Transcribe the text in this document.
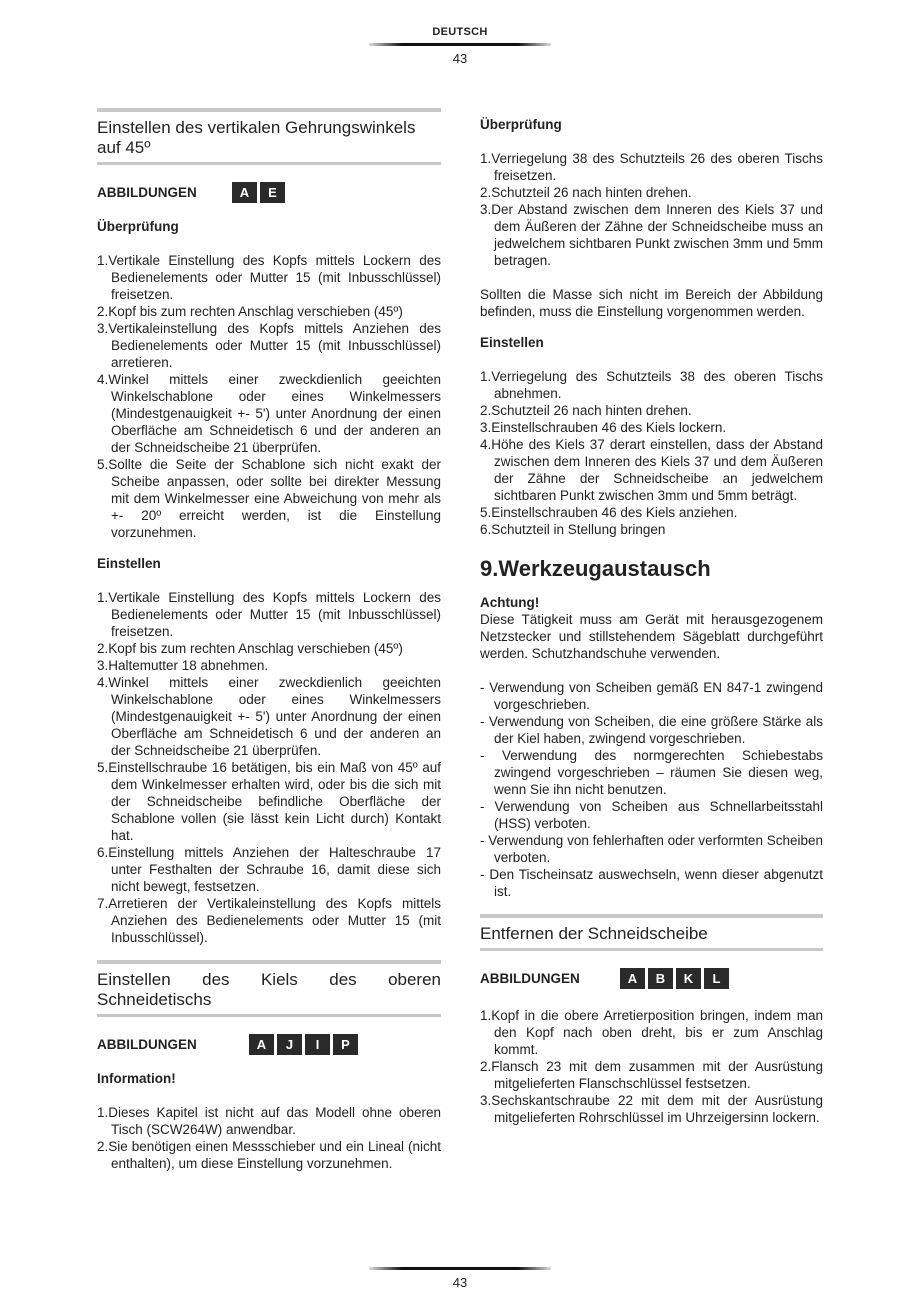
DEUTSCH
43
Einstellen des vertikalen Gehrungswinkels auf 45º
ABBILDUNGEN	A	E
Überprüfung
1.Vertikale Einstellung des Kopfs mittels Lockern des Bedienelements oder Mutter 15 (mit Inbusschlüssel) freisetzen.
2.Kopf bis zum rechten Anschlag verschieben (45º)
3.Vertikaleinstellung des Kopfs mittels Anziehen des Bedienelements oder Mutter 15 (mit Inbusschlüssel) arretieren.
4.Winkel mittels einer zweckdienlich geeichten Winkelschablone oder eines Winkelmessers (Mindestgenauigkeit +- 5') unter Anordnung der einen Oberfläche am Schneidetisch 6 und der anderen an der Schneidscheibe 21 überprüfen.
5.Sollte die Seite der Schablone sich nicht exakt der Scheibe anpassen, oder sollte bei direkter Messung mit dem Winkelmesser eine Abweichung von mehr als +- 20º erreicht werden, ist die Einstellung vorzunehmen.
Einstellen
1.Vertikale Einstellung des Kopfs mittels Lockern des Bedienelements oder Mutter 15 (mit Inbusschlüssel) freisetzen.
2.Kopf bis zum rechten Anschlag verschieben (45º)
3.Haltemutter 18 abnehmen.
4.Winkel mittels einer zweckdienlich geeichten Winkelschablone oder eines Winkelmessers (Mindestgenauigkeit +- 5') unter Anordnung der einen Oberfläche am Schneidetisch 6 und der anderen an der Schneidscheibe 21 überprüfen.
5.Einstellschraube 16 betätigen, bis ein Maß von 45º auf dem Winkelmesser erhalten wird, oder bis die sich mit der Schneidscheibe befindliche Oberfläche der Schablone vollen (sie lässt kein Licht durch) Kontakt hat.
6.Einstellung mittels Anziehen der Halteschraube 17 unter Festhalten der Schraube 16, damit diese sich nicht bewegt, festsetzen.
7.Arretieren der Vertikaleinstellung des Kopfs mittels Anziehen des Bedienelements oder Mutter 15 (mit Inbusschlüssel).
Einstellen des Kiels des oberen Schneidetischs
ABBILDUNGEN	A	J	I	P
Information!
1.Dieses Kapitel ist nicht auf das Modell ohne oberen Tisch (SCW264W) anwendbar.
2.Sie benötigen einen Messschieber und ein Lineal (nicht enthalten), um diese Einstellung vorzunehmen.
Überprüfung
1.Verriegelung 38 des Schutzteils 26 des oberen Tischs freisetzen.
2.Schutzteil 26 nach hinten drehen.
3.Der Abstand zwischen dem Inneren des Kiels 37 und dem Äußeren der Zähne der Schneidscheibe muss an jedwelchem sichtbaren Punkt zwischen 3mm und 5mm betragen.

Sollten die Masse sich nicht im Bereich der Abbildung befinden, muss die Einstellung vorgenommen werden.

Einstellen
1.Verriegelung des Schutzteils 38 des oberen Tischs abnehmen.
2.Schutzteil 26 nach hinten drehen.
3.Einstellschrauben 46 des Kiels lockern.
4.Höhe des Kiels 37 derart einstellen, dass der Abstand zwischen dem Inneren des Kiels 37 und dem Äußeren der Zähne der Schneidscheibe an jedwelchem sichtbaren Punkt zwischen 3mm und 5mm beträgt.
5.Einstellschrauben 46 des Kiels anziehen.
6.Schutzteil in Stellung bringen
9.Werkzeugaustausch
Achtung!

Diese Tätigkeit muss am Gerät mit herausgezogenem Netzstecker und stillstehendem Sägeblatt durchgeführt werden. Schutzhandschuhe verwenden.

- Verwendung von Scheiben gemäß EN 847-1 zwingend vorgeschrieben.
- Verwendung von Scheiben, die eine größere Stärke als der Kiel haben, zwingend vorgeschrieben.
- Verwendung des normgerechten Schiebestabs zwingend vorgeschrieben – räumen Sie diesen weg, wenn Sie ihn nicht benutzen.
- Verwendung von Scheiben aus Schnellarbeitsstahl (HSS) verboten.
- Verwendung von fehlerhaften oder verformten Scheiben verboten.
- Den Tischeinsatz auswechseln, wenn dieser abgenutzt ist.
Entfernen der Schneidscheibe
ABBILDUNGEN	A	B	K	L
1.Kopf in die obere Arretierposition bringen, indem man den Kopf nach oben dreht, bis er zum Anschlag kommt.
2.Flansch 23 mit dem zusammen mit der Ausrüstung mitgelieferten Flanschschlüssel festsetzen.
3.Sechskantschraube 22 mit dem mit der Ausrüstung mitgelieferten Rohrschlüssel im Uhrzeigersinn lockern.
43
